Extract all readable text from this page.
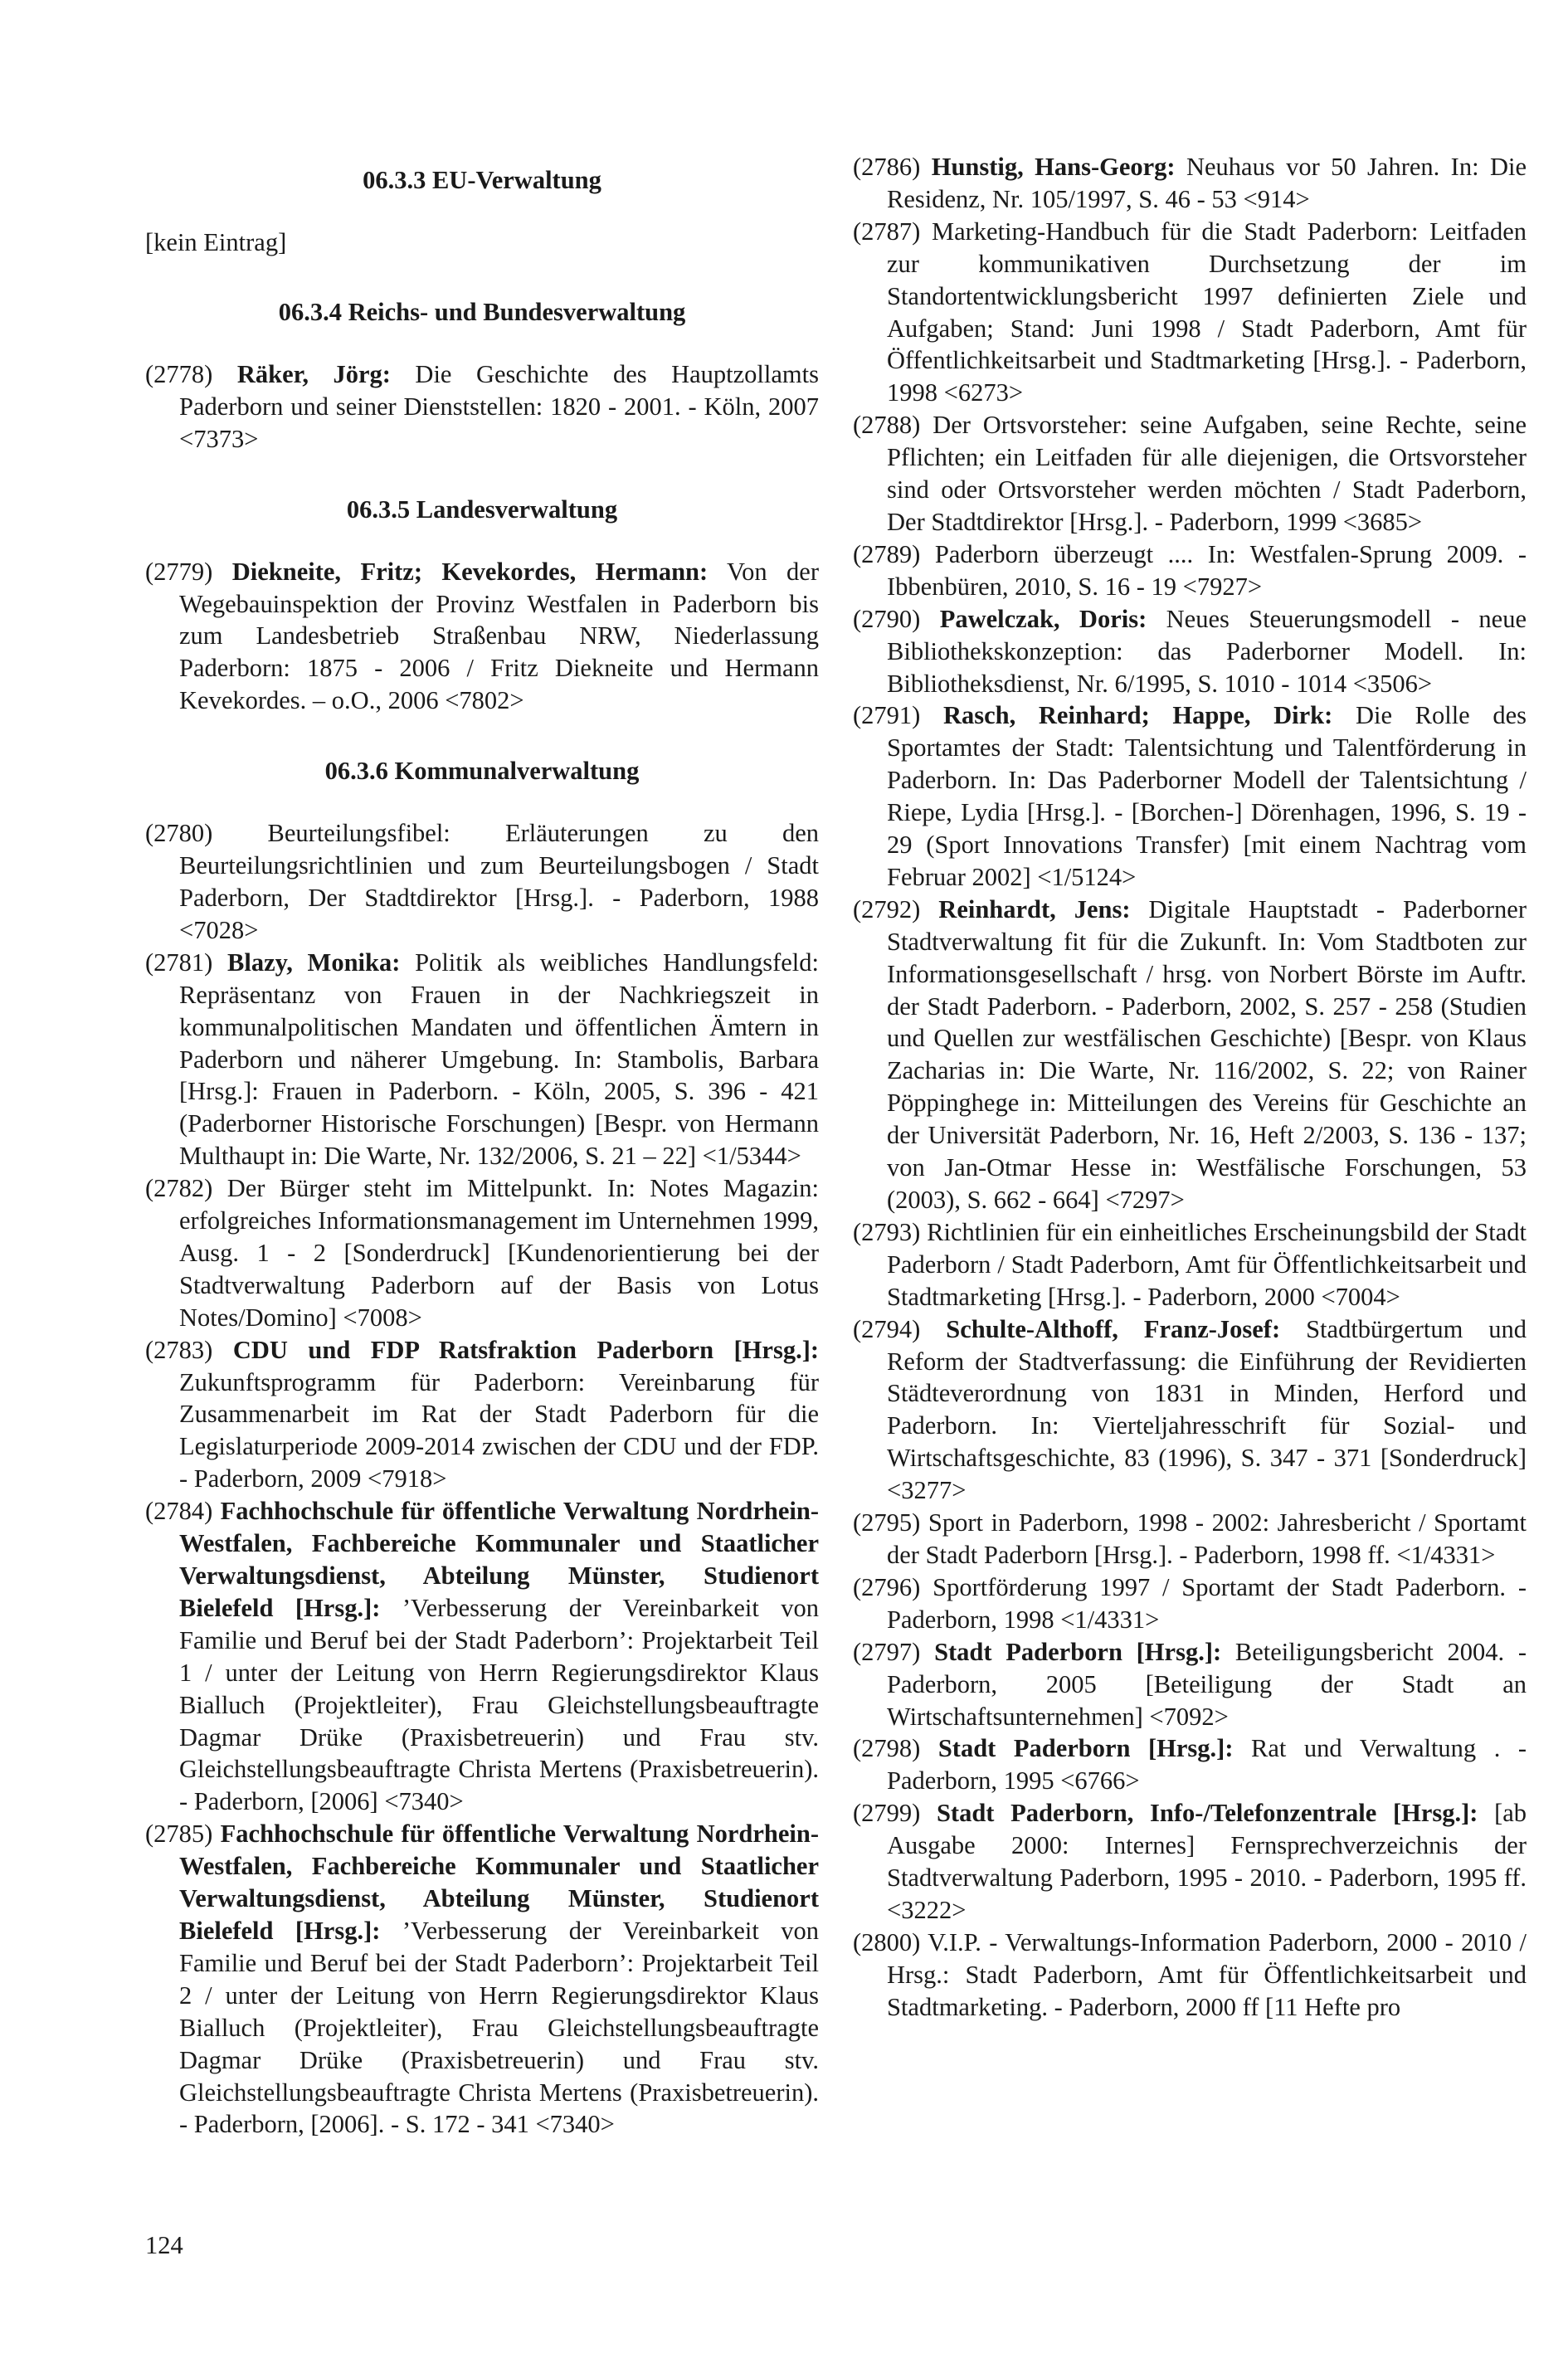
06.3.3 EU-Verwaltung

[kein Eintrag]

06.3.4 Reichs- und Bundesverwaltung

(2778) Räker, Jörg: Die Geschichte des Hauptzollamts Paderborn und seiner Dienststellen: 1820 - 2001. - Köln, 2007 <7373>

06.3.5 Landesverwaltung

(2779) Diekneite, Fritz; Kevekordes, Hermann: Von der Wegebauinspektion der Provinz Westfalen in Paderborn bis zum Landesbetrieb Straßenbau NRW, Niederlassung Paderborn: 1875 - 2006 / Fritz Diekneite und Hermann Kevekordes. – o.O., 2006 <7802>

06.3.6 Kommunalverwaltung

(2780) Beurteilungsfibel: Erläuterungen zu den Beurteilungsrichtlinien und zum Beurteilungsbogen / Stadt Paderborn, Der Stadtdirektor [Hrsg.]. - Paderborn, 1988 <7028>

(2781) Blazy, Monika: Politik als weibliches Handlungsfeld: Repräsentanz von Frauen in der Nachkriegszeit in kommunalpolitischen Mandaten und öffentlichen Ämtern in Paderborn und näherer Umgebung. In: Stambolis, Barbara [Hrsg.]: Frauen in Paderborn. - Köln, 2005, S. 396 - 421 (Paderborner Historische Forschungen) [Bespr. von Hermann Multhaupt in: Die Warte, Nr. 132/2006, S. 21 – 22] <1/5344>

(2782) Der Bürger steht im Mittelpunkt. In: Notes Magazin: erfolgreiches Informationsmanagement im Unternehmen 1999, Ausg. 1 - 2 [Sonderdruck] [Kundenorientierung bei der Stadtverwaltung Paderborn auf der Basis von Lotus Notes/Domino] <7008>

(2783) CDU und FDP Ratsfraktion Paderborn [Hrsg.]: Zukunftsprogramm für Paderborn: Vereinbarung für Zusammenarbeit im Rat der Stadt Paderborn für die Legislaturperiode 2009-2014 zwischen der CDU und der FDP. - Paderborn, 2009 <7918>

(2784) Fachhochschule für öffentliche Verwaltung Nordrhein-Westfalen, Fachbereiche Kommunaler und Staatlicher Verwaltungsdienst, Abteilung Münster, Studienort Bielefeld [Hrsg.]: ’Verbesserung der Vereinbarkeit von Familie und Beruf bei der Stadt Paderborn’: Projektarbeit Teil 1 / unter der Leitung von Herrn Regierungsdirektor Klaus Bialluch (Projektleiter), Frau Gleichstellungsbeauftragte Dagmar Drüke (Praxisbetreuerin) und Frau stv. Gleichstellungsbeauftragte Christa Mertens (Praxisbetreuerin). - Paderborn, [2006] <7340>

(2785) Fachhochschule für öffentliche Verwaltung Nordrhein-Westfalen, Fachbereiche Kommunaler und Staatlicher Verwaltungsdienst, Abteilung Münster, Studienort Bielefeld [Hrsg.]: ’Verbesserung der Vereinbarkeit von Familie und Beruf bei der Stadt Paderborn’: Projektarbeit Teil 2 / unter der Leitung von Herrn Regierungsdirektor Klaus Bialluch (Projektleiter), Frau Gleichstellungsbeauftragte Dagmar Drüke (Praxisbetreuerin) und Frau stv. Gleichstellungsbeauftragte Christa Mertens (Praxisbetreuerin). - Paderborn, [2006]. - S. 172 - 341 <7340>

(2786) Hunstig, Hans-Georg: Neuhaus vor 50 Jahren. In: Die Residenz, Nr. 105/1997, S. 46 - 53 <914>

(2787) Marketing-Handbuch für die Stadt Paderborn: Leitfaden zur kommunikativen Durchsetzung der im Standortentwicklungsbericht 1997 definierten Ziele und Aufgaben; Stand: Juni 1998 / Stadt Paderborn, Amt für Öffentlichkeitsarbeit und Stadtmarketing [Hrsg.]. - Paderborn, 1998 <6273>

(2788) Der Ortsvorsteher: seine Aufgaben, seine Rechte, seine Pflichten; ein Leitfaden für alle diejenigen, die Ortsvorsteher sind oder Ortsvorsteher werden möchten / Stadt Paderborn, Der Stadtdirektor [Hrsg.]. - Paderborn, 1999 <3685>

(2789) Paderborn überzeugt .... In: Westfalen-Sprung 2009. - Ibbenbüren, 2010, S. 16 - 19 <7927>

(2790) Pawelczak, Doris: Neues Steuerungsmodell - neue Bibliothekskonzeption: das Paderborner Modell. In: Bibliotheksdienst, Nr. 6/1995, S. 1010 - 1014 <3506>

(2791) Rasch, Reinhard; Happe, Dirk: Die Rolle des Sportamtes der Stadt: Talentsichtung und Talentförderung in Paderborn. In: Das Paderborner Modell der Talentsichtung / Riepe, Lydia [Hrsg.]. - [Borchen-] Dörenhagen, 1996, S. 19 - 29 (Sport Innovations Transfer) [mit einem Nachtrag vom Februar 2002] <1/5124>

(2792) Reinhardt, Jens: Digitale Hauptstadt - Paderborner Stadtverwaltung fit für die Zukunft. In: Vom Stadtboten zur Informationsgesellschaft / hrsg. von Norbert Börste im Auftr. der Stadt Paderborn. - Paderborn, 2002, S. 257 - 258 (Studien und Quellen zur westfälischen Geschichte) [Bespr. von Klaus Zacharias in: Die Warte, Nr. 116/2002, S. 22; von Rainer Pöppinghege in: Mitteilungen des Vereins für Geschichte an der Universität Paderborn, Nr. 16, Heft 2/2003, S. 136 - 137; von Jan-Otmar Hesse in: Westfälische Forschungen, 53 (2003), S. 662 - 664] <7297>

(2793) Richtlinien für ein einheitliches Erscheinungsbild der Stadt Paderborn / Stadt Paderborn, Amt für Öffentlichkeitsarbeit und Stadtmarketing [Hrsg.]. - Paderborn, 2000 <7004>

(2794) Schulte-Althoff, Franz-Josef: Stadtbürgertum und Reform der Stadtverfassung: die Einführung der Revidierten Städteverordnung von 1831 in Minden, Herford und Paderborn. In: Vierteljahresschrift für Sozial- und Wirtschaftsgeschichte, 83 (1996), S. 347 - 371 [Sonderdruck] <3277>

(2795) Sport in Paderborn, 1998 - 2002: Jahresbericht / Sportamt der Stadt Paderborn [Hrsg.]. - Paderborn, 1998 ff. <1/4331>

(2796) Sportförderung 1997 / Sportamt der Stadt Paderborn. - Paderborn, 1998 <1/4331>

(2797) Stadt Paderborn [Hrsg.]: Beteiligungsbericht 2004. - Paderborn, 2005 [Beteiligung der Stadt an Wirtschaftsunternehmen] <7092>

(2798) Stadt Paderborn [Hrsg.]: Rat und Verwaltung . - Paderborn, 1995 <6766>

(2799) Stadt Paderborn, Info-/Telefonzentrale [Hrsg.]: [ab Ausgabe 2000: Internes] Fernsprechverzeichnis der Stadtverwaltung Paderborn, 1995 - 2010. - Paderborn, 1995 ff. <3222>

(2800) V.I.P. - Verwaltungs-Information Paderborn, 2000 - 2010 / Hrsg.: Stadt Paderborn, Amt für Öffentlichkeitsarbeit und Stadtmarketing. - Paderborn, 2000 ff [11 Hefte pro

124
